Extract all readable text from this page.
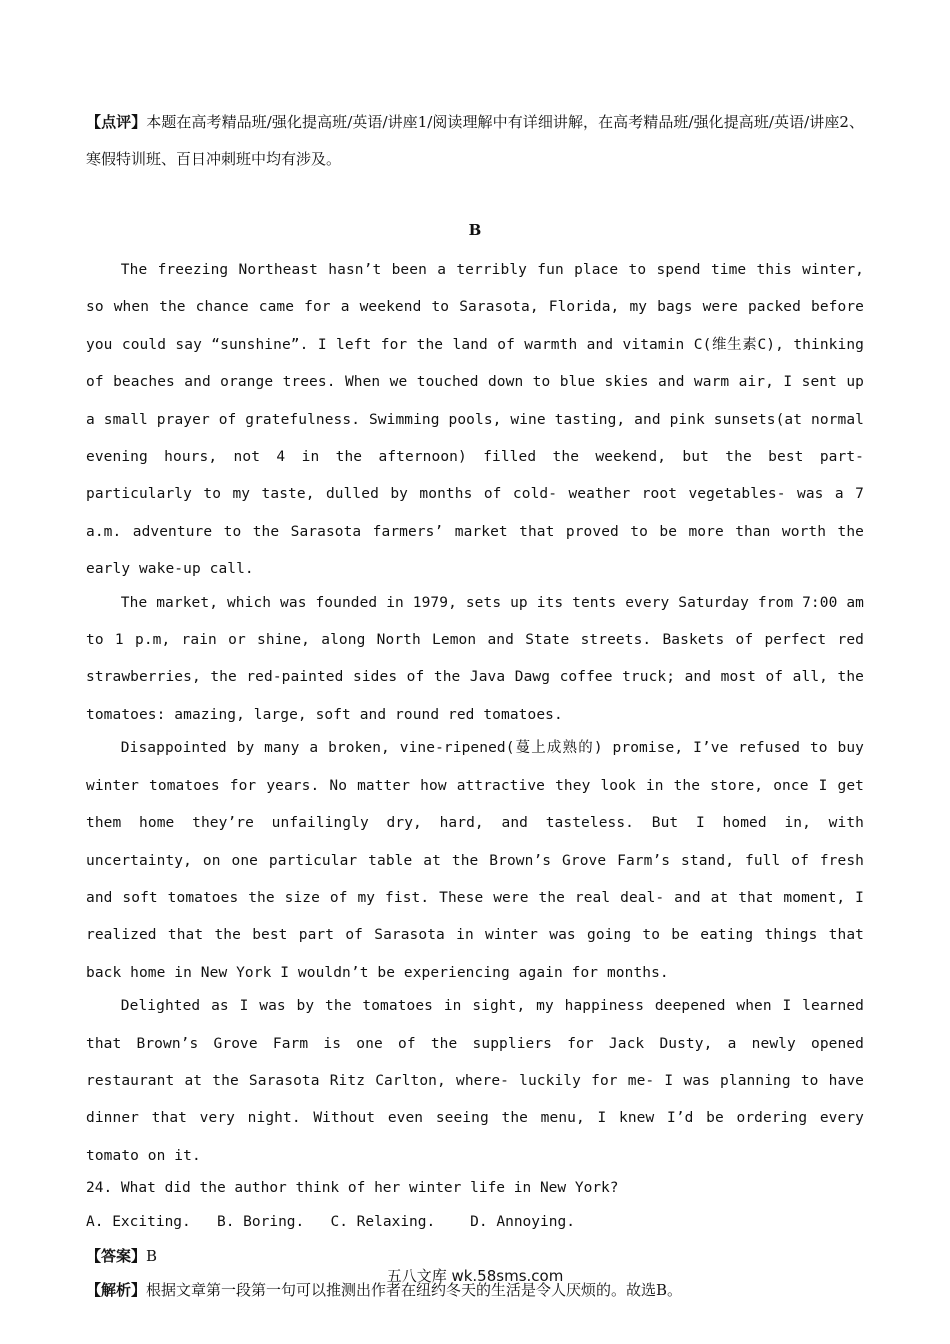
【点评】本题在高考精品班/强化提高班/英语/讲座1/阅读理解中有详细讲解，在高考精品班/强化提高班/英语/讲座2、寒假特训班、百日冲刺班中均有涉及。

B

The freezing Northeast hasn’t been a terribly fun place to spend time this winter, so when the chance came for a weekend to Sarasota, Florida, my bags were packed before you could say “sunshine”. I left for the land of warmth and vitamin C(维生素C), thinking of beaches and orange trees. When we touched down to blue skies and warm air, I sent up a small prayer of gratefulness. Swimming pools, wine tasting, and pink sunsets(at normal evening hours, not 4 in the afternoon) filled the weekend, but the best part- particularly to my taste, dulled by months of cold- weather root vegetables- was a 7 a.m. adventure to the Sarasota farmers’ market that proved to be more than worth the early wake-up call.

The market, which was founded in 1979, sets up its tents every Saturday from 7:00 am to 1 p.m, rain or shine, along North Lemon and State streets. Baskets of perfect red strawberries, the red-painted sides of the Java Dawg coffee truck; and most of all, the tomatoes: amazing, large, soft and round red tomatoes.

Disappointed by many a broken, vine-ripened(蔓上成熟的) promise, I’ve refused to buy winter tomatoes for years. No matter how attractive they look in the store, once I get them home they’re unfailingly dry, hard, and tasteless. But I homed in, with uncertainty, on one particular table at the Brown’s Grove Farm’s stand, full of fresh and soft tomatoes the size of my fist. These were the real deal- and at that moment, I realized that the best part of Sarasota in winter was going to be eating things that back home in New York I wouldn’t be experiencing again for months.

Delighted as I was by the tomatoes in sight, my happiness deepened when I learned that Brown’s Grove Farm is one of the suppliers for Jack Dusty, a newly opened restaurant at the Sarasota Ritz Carlton, where- luckily for me- I was planning to have dinner that very night. Without even seeing the menu, I knew I’d be ordering every tomato on it.

24. What did the author think of her winter life in New York?

A. Exciting. B. Boring. C. Relaxing. D. Annoying.

【答案】B

【解析】根据文章第一段第一句可以推测出作者在纽约冬天的生活是令人厌烦的。故选B。

五八文库 wk.58sms.com
